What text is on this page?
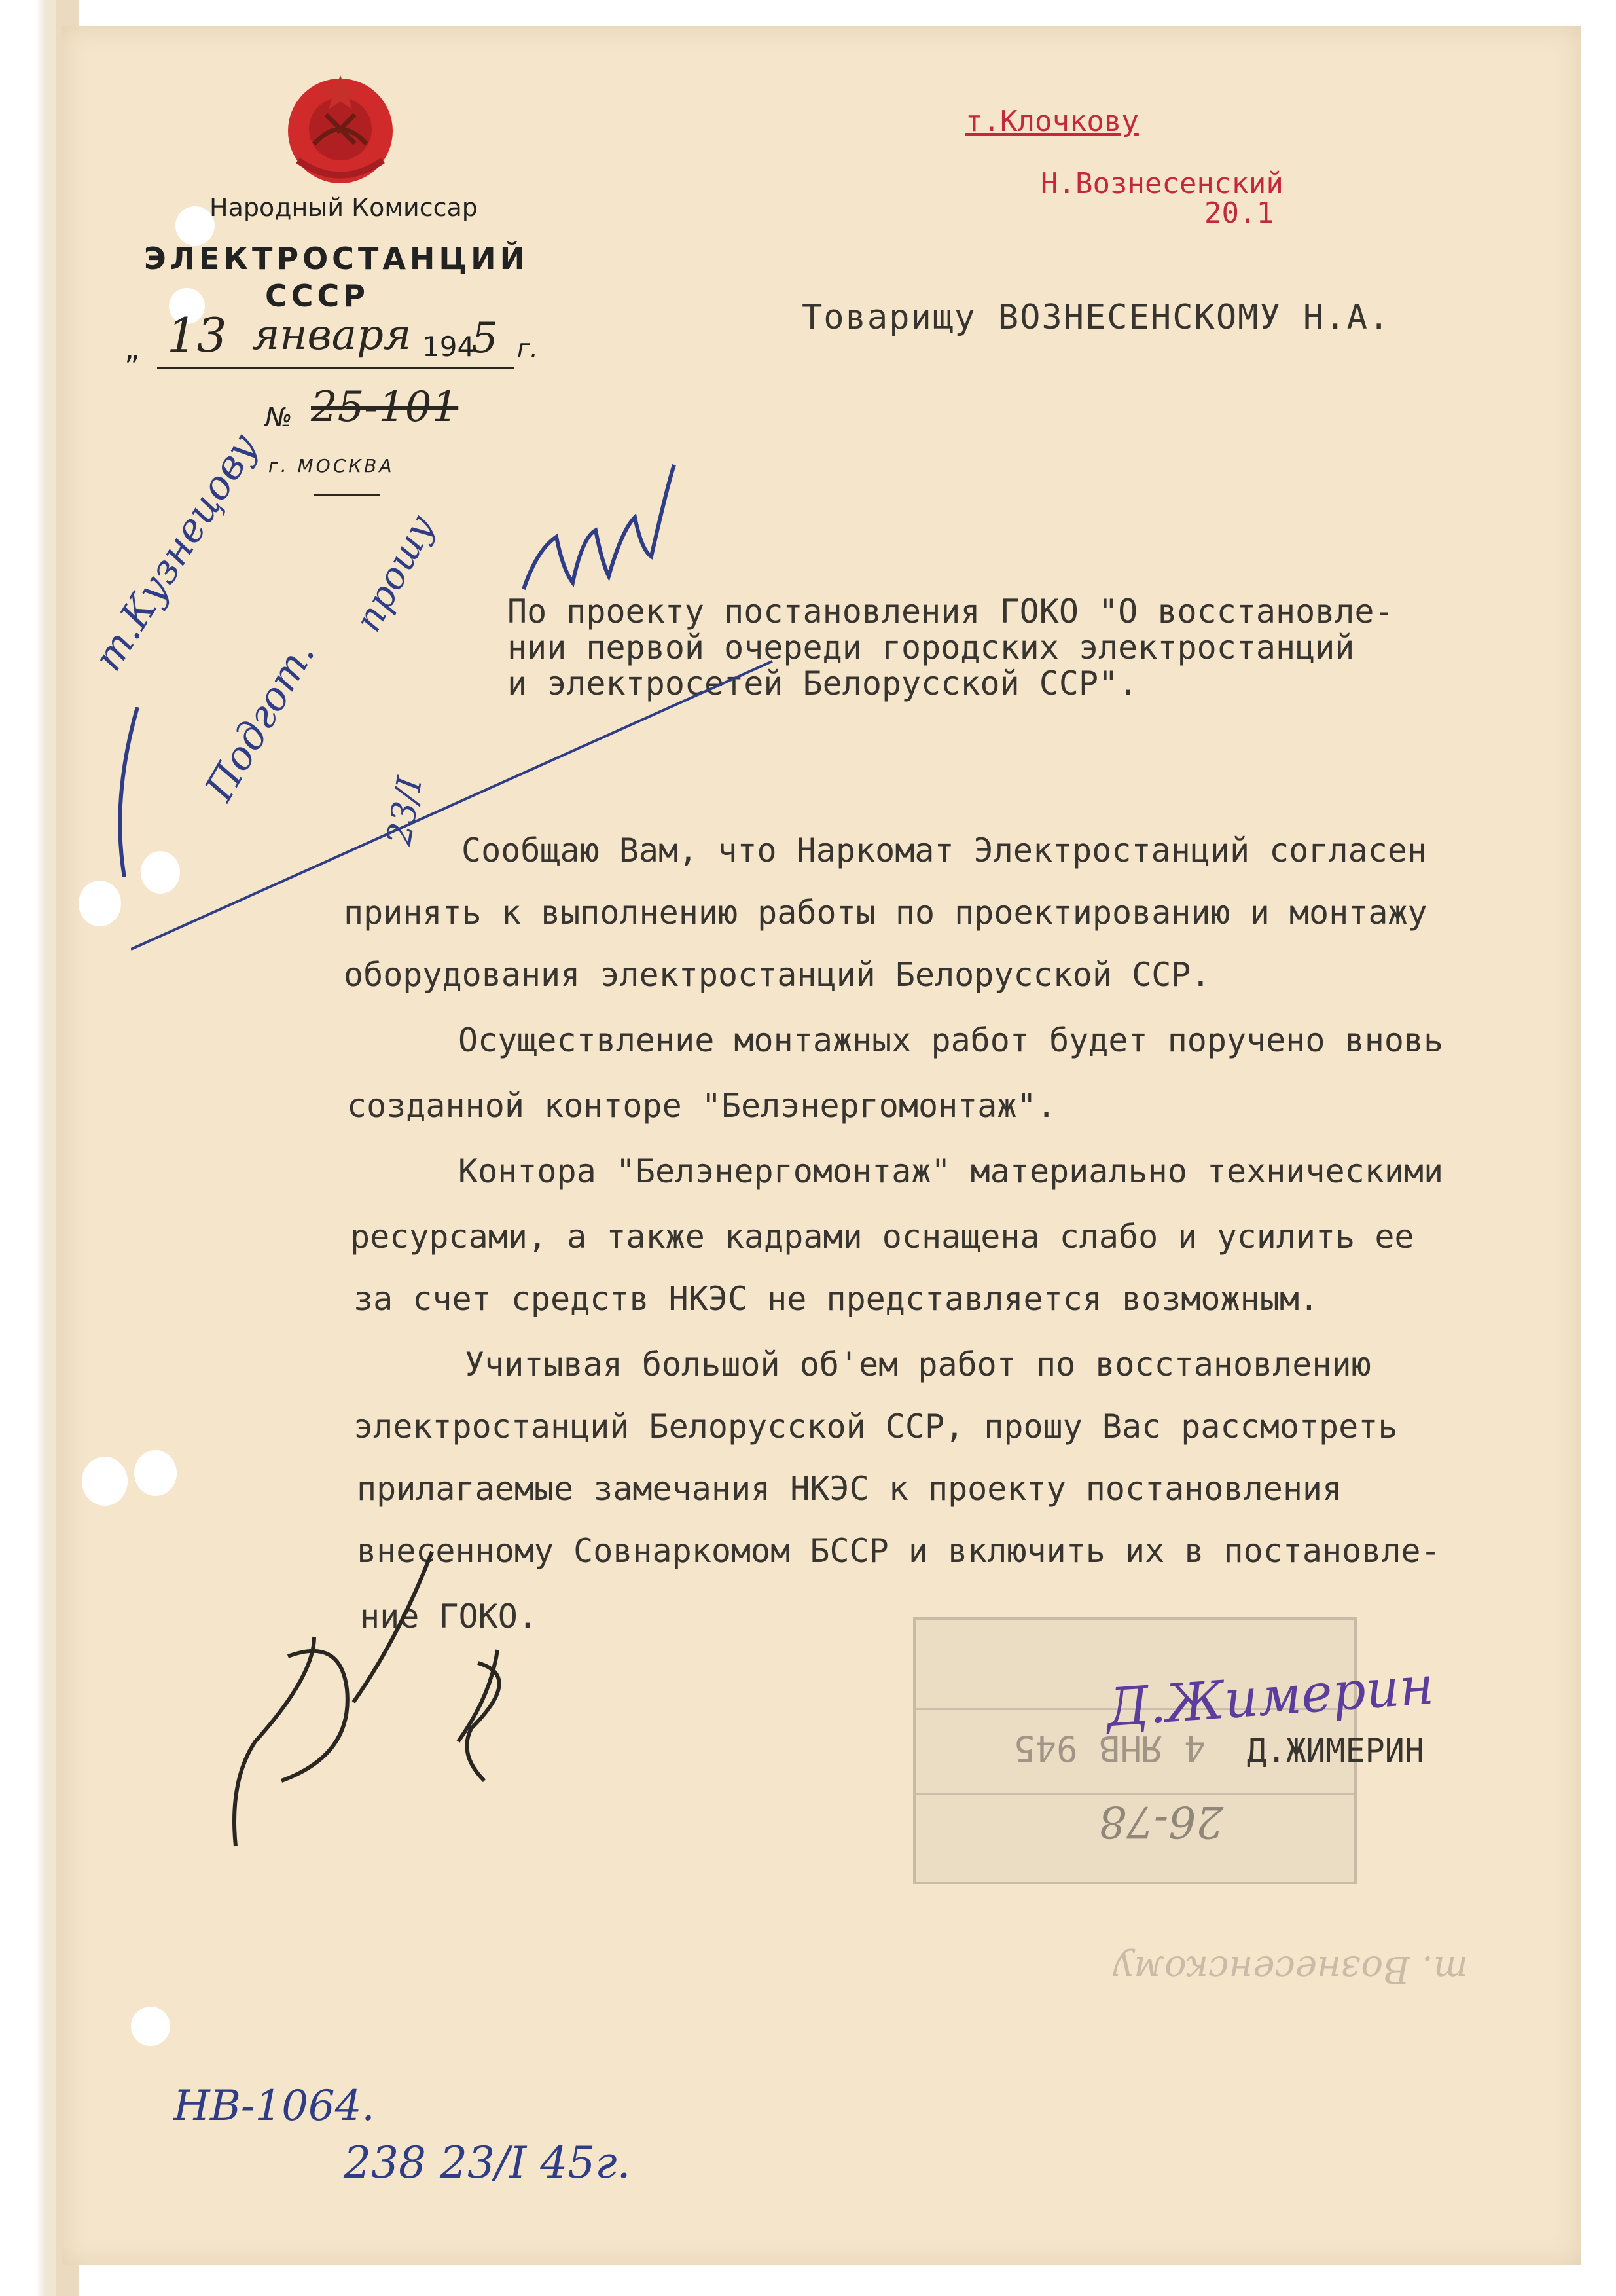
Народный Комиссар
ЭЛЕКТРОСТАНЦИЙ
СССР
„ 13 января 194
5 г.
№ 25-101
г. МОСКВА
т.Клочкову
Н.Вознесенский
20.1
Товарищу ВОЗНЕСЕНСКОМУ Н.А.
По проекту постановления ГОКО "О восстановле-
нии первой очереди городских электростанций
и электросетей Белорусской ССР".
Сообщаю Вам, что Наркомат Электростанций согласен
принять к выполнению работы по проектированию и монтажу
оборудования электростанций Белорусской ССР.
Осуществление монтажных работ будет поручено вновь
созданной конторе "Белэнергомонтаж".
Контора "Белэнергомонтаж" материально техническими
ресурсами, а также кадрами оснащена слабо и усилить ее
за счет средств НКЭС не представляется возможным.
Учитывая большой об'ем работ по восстановлению
электростанций Белорусской ССР, прошу Вас рассмотреть
прилагаемые замечания НКЭС к проекту постановления
внесенному Совнаркомом БССР и включить их в постановле-
ние ГОКО.
4 ЯНВ 945
26-78
Д.Жимерин
Д.ЖИМЕРИН
т.Кузнецову прошу
Подгот.
23/I
т. Вознесенскому
НВ-1064.
238 23/I 45г.
